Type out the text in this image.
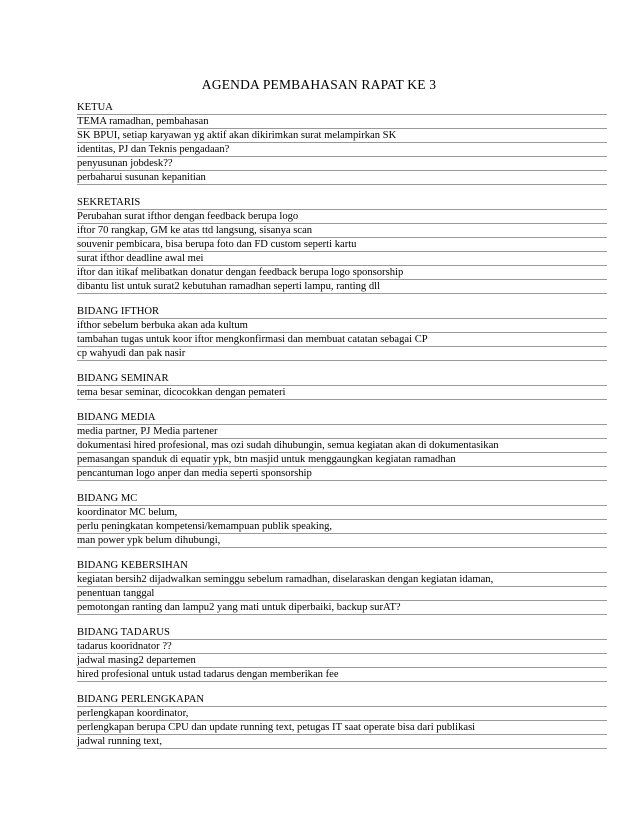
AGENDA PEMBAHASAN RAPAT KE 3
KETUA
TEMA ramadhan, pembahasan
SK BPUI, setiap karyawan yg aktif akan dikirimkan surat melampirkan SK
identitas, PJ dan Teknis pengadaan?
penyusunan jobdesk??
perbaharui susunan kepanitian
SEKRETARIS
Perubahan surat ifthor dengan feedback berupa logo
iftor 70 rangkap, GM ke atas ttd langsung, sisanya scan
souvenir pembicara, bisa berupa foto dan FD custom seperti kartu
surat ifthor deadline awal mei
iftor dan itikaf melibatkan donatur dengan feedback berupa logo sponsorship
dibantu list untuk surat2 kebutuhan ramadhan seperti lampu, ranting dll
BIDANG IFTHOR
ifthor sebelum berbuka akan ada kultum
tambahan tugas untuk koor iftor mengkonfirmasi dan membuat catatan sebagai CP
cp wahyudi dan pak nasir
BIDANG SEMINAR
tema besar seminar, dicocokkan dengan pemateri
BIDANG MEDIA
media partner, PJ Media partener
dokumentasi hired profesional, mas ozi sudah dihubungin, semua kegiatan akan di dokumentasikan
pemasangan spanduk di equatir ypk, btn masjid untuk menggaungkan kegiatan ramadhan
pencantuman logo anper dan media seperti sponsorship
BIDANG MC
koordinator MC belum,
perlu peningkatan kompetensi/kemampuan publik speaking,
man power ypk belum dihubungi,
BIDANG KEBERSIHAN
kegiatan bersih2 dijadwalkan seminggu sebelum ramadhan, diselaraskan dengan kegiatan idaman,
penentuan tanggal
pemotongan ranting dan lampu2 yang mati untuk diperbaiki, backup surAT?
BIDANG TADARUS
tadarus kooridnator ??
jadwal masing2 departemen
hired profesional untuk ustad tadarus dengan memberikan fee
BIDANG PERLENGKAPAN
perlengkapan koordinator,
perlengkapan berupa CPU dan update running text, petugas IT saat operate bisa dari publikasi
jadwal running text,
